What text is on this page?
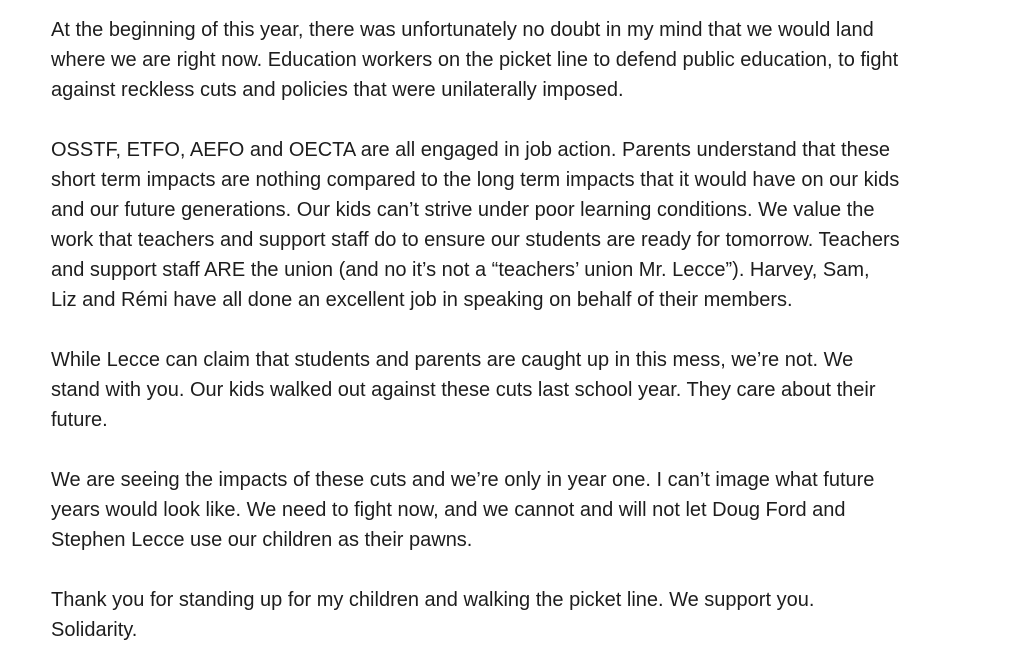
At the beginning of this year, there was unfortunately no doubt in my mind that we would land
where we are right now. Education workers on the picket line to defend public education, to fight
against reckless cuts and policies that were unilaterally imposed.

OSSTF, ETFO, AEFO and OECTA are all engaged in job action. Parents understand that these
short term impacts are nothing compared to the long term impacts that it would have on our kids
and our future generations. Our kids can’t strive under poor learning conditions. We value the
work that teachers and support staff do to ensure our students are ready for tomorrow. Teachers
and support staff ARE the union (and no it’s not a “teachers’ union Mr. Lecce”). Harvey, Sam,
Liz and Rémi have all done an excellent job in speaking on behalf of their members.

While Lecce can claim that students and parents are caught up in this mess, we’re not. We
stand with you. Our kids walked out against these cuts last school year. They care about their
future.

We are seeing the impacts of these cuts and we’re only in year one. I can’t image what future
years would look like. We need to fight now, and we cannot and will not let Doug Ford and
Stephen Lecce use our children as their pawns.

Thank you for standing up for my children and walking the picket line. We support you.
Solidarity.
